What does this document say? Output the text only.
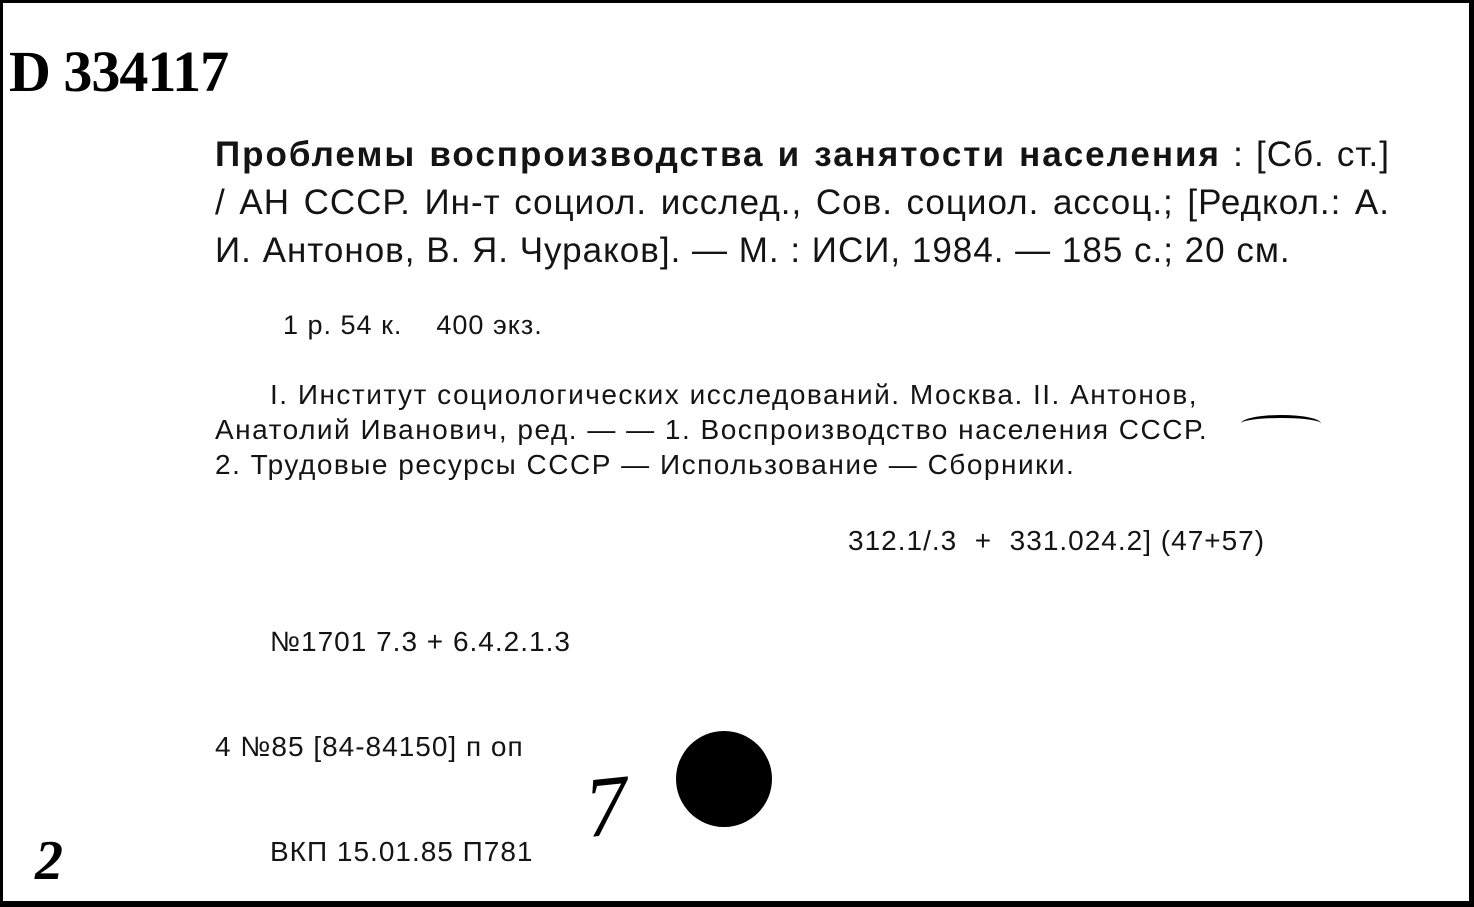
D 334117
Проблемы воспроизводства и занятости населения : [Сб. ст.] / АН СССР. Ин-т социол. исслед., Сов. социол. ассоц.; [Редкол.: А. И. Антонов, В. Я. Чураков]. — М. : ИСИ, 1984. — 185 с.; 20 см.
1 р. 54 к.    400 экз.
I. Институт социологических исследований. Москва. II. Антонов,
Анатолий Иванович, ред. — — 1. Воспроизводство населения СССР.
2. Трудовые ресурсы СССР — Использование — Сборники.
312.1/.3  +  331.024.2] (47+57)

№1701 7.3 + 6.4.2.1.3

4 №85 [84-84150] п оп

ВКП 15.01.85 П781

7
2
